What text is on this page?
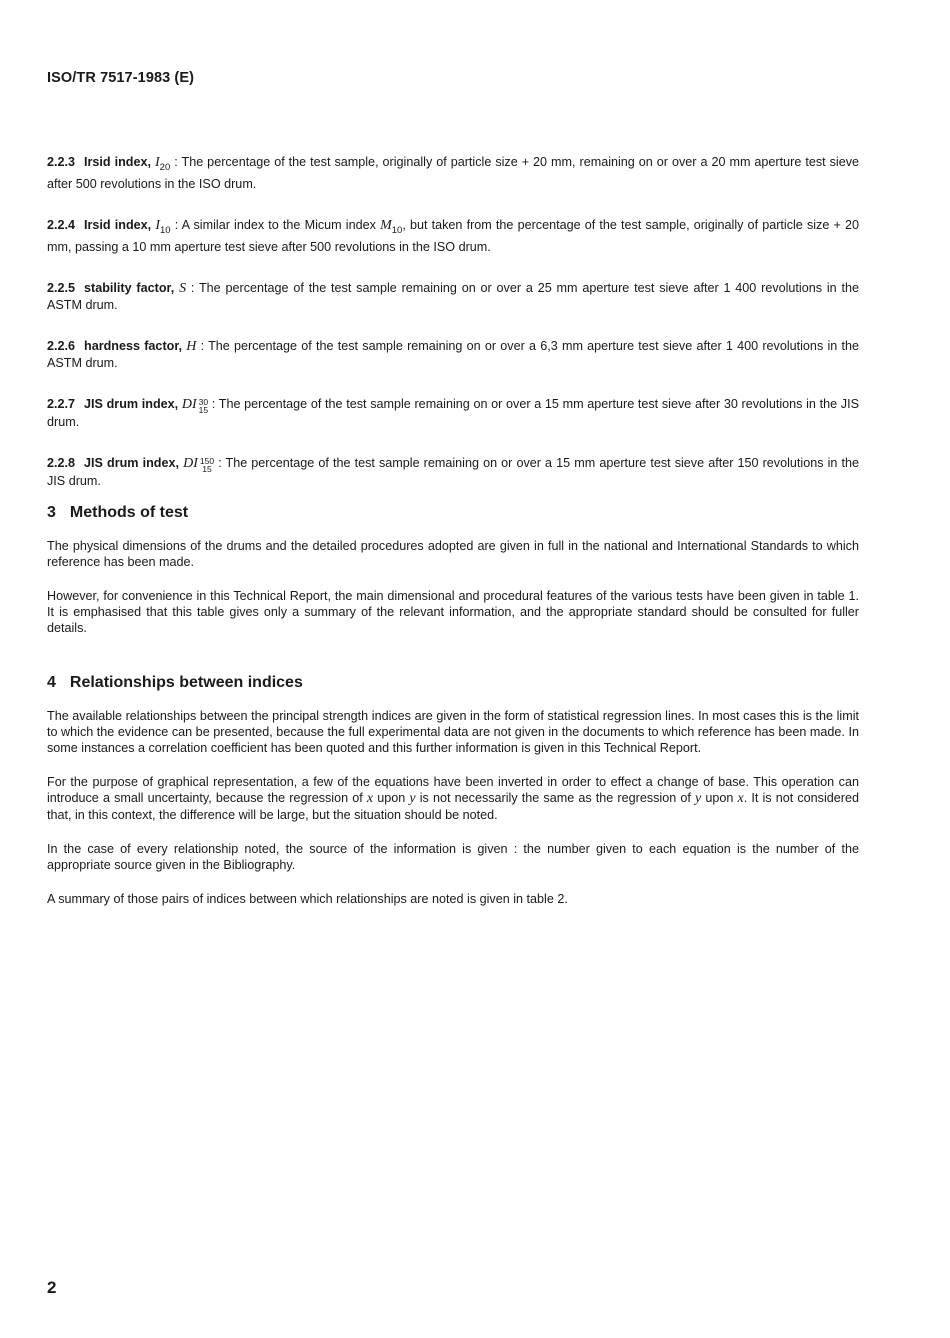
ISO/TR 7517-1983 (E)

2.2.3 Irsid index, $I_{20}$ : The percentage of the test sample, originally of particle size + 20 mm, remaining on or over a 20 mm aperture test sieve after 500 revolutions in the ISO drum.

2.2.4 Irsid index, $I_{10}$ : A similar index to the Micum index $M_{10}$, but taken from the percentage of the test sample, originally of particle size + 20 mm, passing a 10 mm aperture test sieve after 500 revolutions in the ISO drum.

2.2.5 stability factor, S : The percentage of the test sample remaining on or over a 25 mm aperture test sieve after 1 400 revolutions in the ASTM drum.

2.2.6 hardness factor, H : The percentage of the test sample remaining on or over a 6,3 mm aperture test sieve after 1 400 revolutions in the ASTM drum.

2.2.7 JIS drum index, DI 30
15 : The percentage of the test sample remaining on or over a 15 mm aperture test sieve after 30 revolutions in the JIS drum.

2.2.8 JIS drum index, DI 150
15 : The percentage of the test sample remaining on or over a 15 mm aperture test sieve after 150 revolutions in the JIS drum.

3 Methods of test

The physical dimensions of the drums and the detailed procedures adopted are given in full in the national and International Standards to which reference has been made.

However, for convenience in this Technical Report, the main dimensional and procedural features of the various tests have been given in table 1. It is emphasised that this table gives only a summary of the relevant information, and the appropriate standard should be consulted for fuller details.

4 Relationships between indices

The available relationships between the principal strength indices are given in the form of statistical regression lines. In most cases this is the limit to which the evidence can be presented, because the full experimental data are not given in the documents to which reference has been made. In some instances a correlation coefficient has been quoted and this further information is given in this Technical Report.

For the purpose of graphical representation, a few of the equations have been inverted in order to effect a change of base. This operation can introduce a small uncertainty, because the regression of x upon y is not necessarily the same as the regression of y upon x. It is not considered that, in this context, the difference will be large, but the situation should be noted.

In the case of every relationship noted, the source of the information is given : the number given to each equation is the number of the appropriate source given in the Bibliography.

A summary of those pairs of indices between which relationships are noted is given in table 2.

2
